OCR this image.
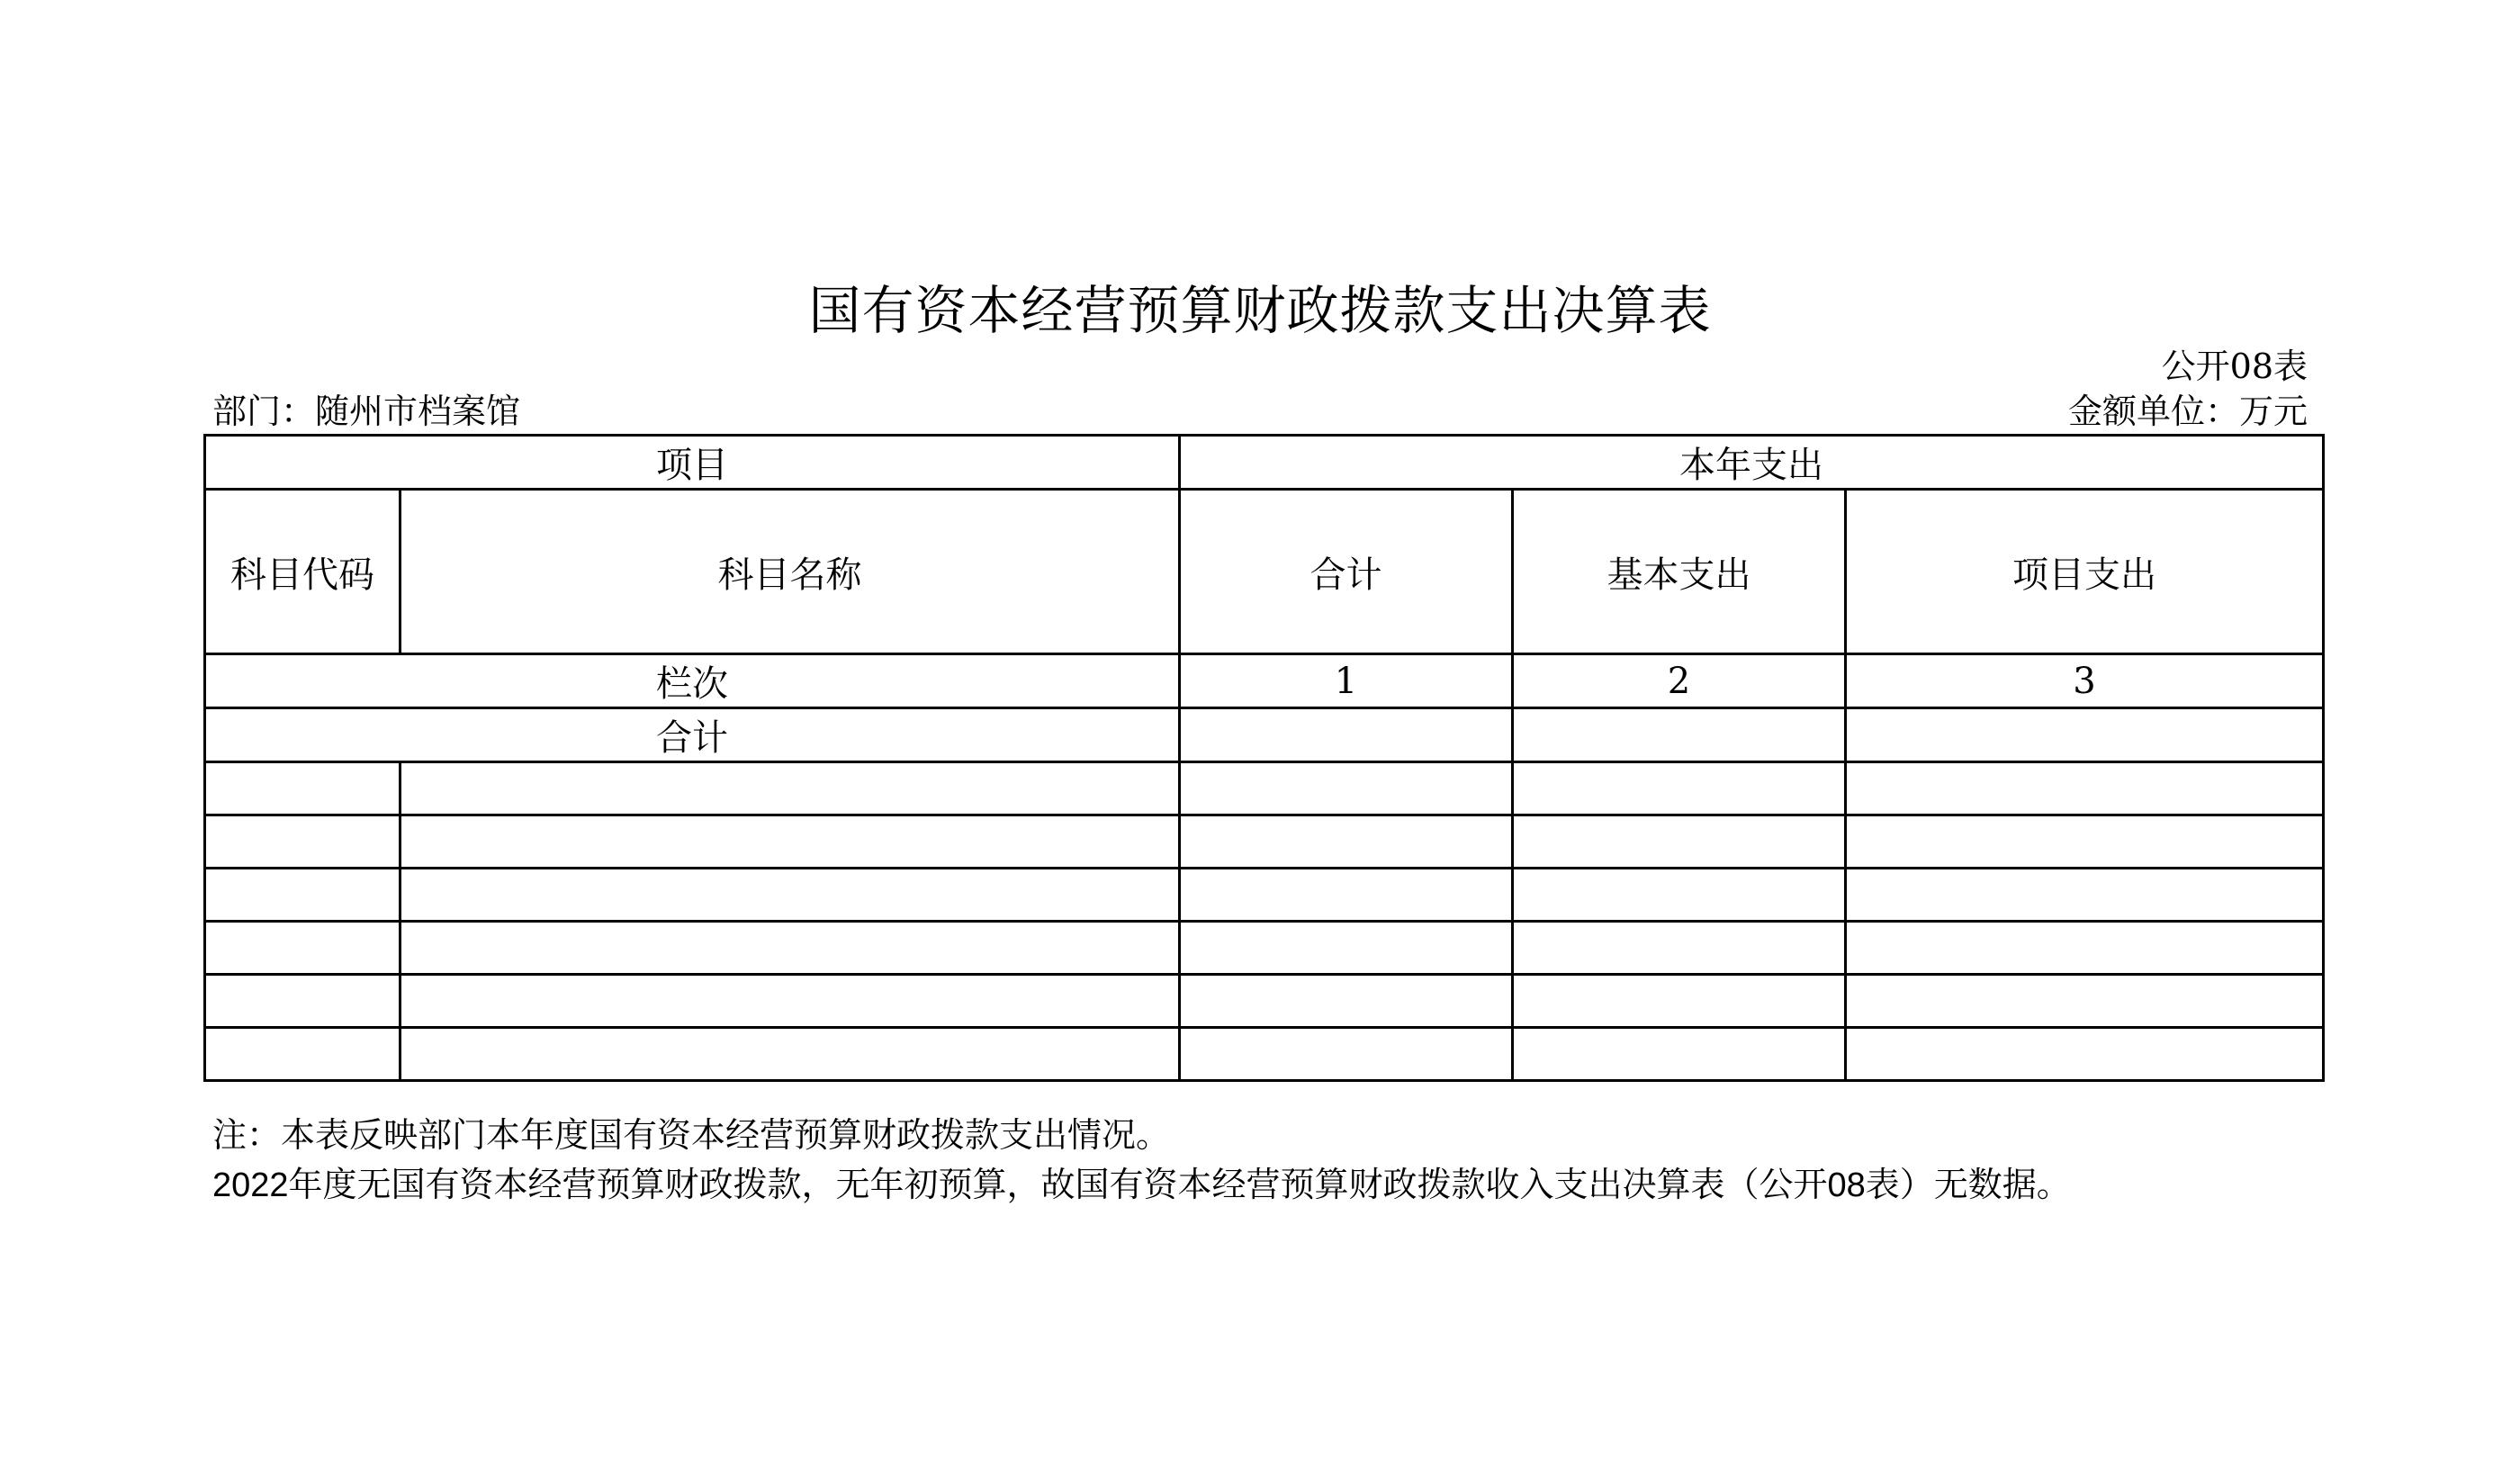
国有资本经营预算财政拨款支出决算表
公开08表
部门：随州市档案馆	金额单位：万元
项目		本年支出		
科目代码	科目名称	合计	基本支出	项目支出
栏次		1	2	3
合计				

注：本表反映部门本年度国有资本经营预算财政拨款支出情况。
2022年度无国有资本经营预算财政拨款，无年初预算，故国有资本经营预算财政拨款收入支出决算表（公开08表）无数据。
